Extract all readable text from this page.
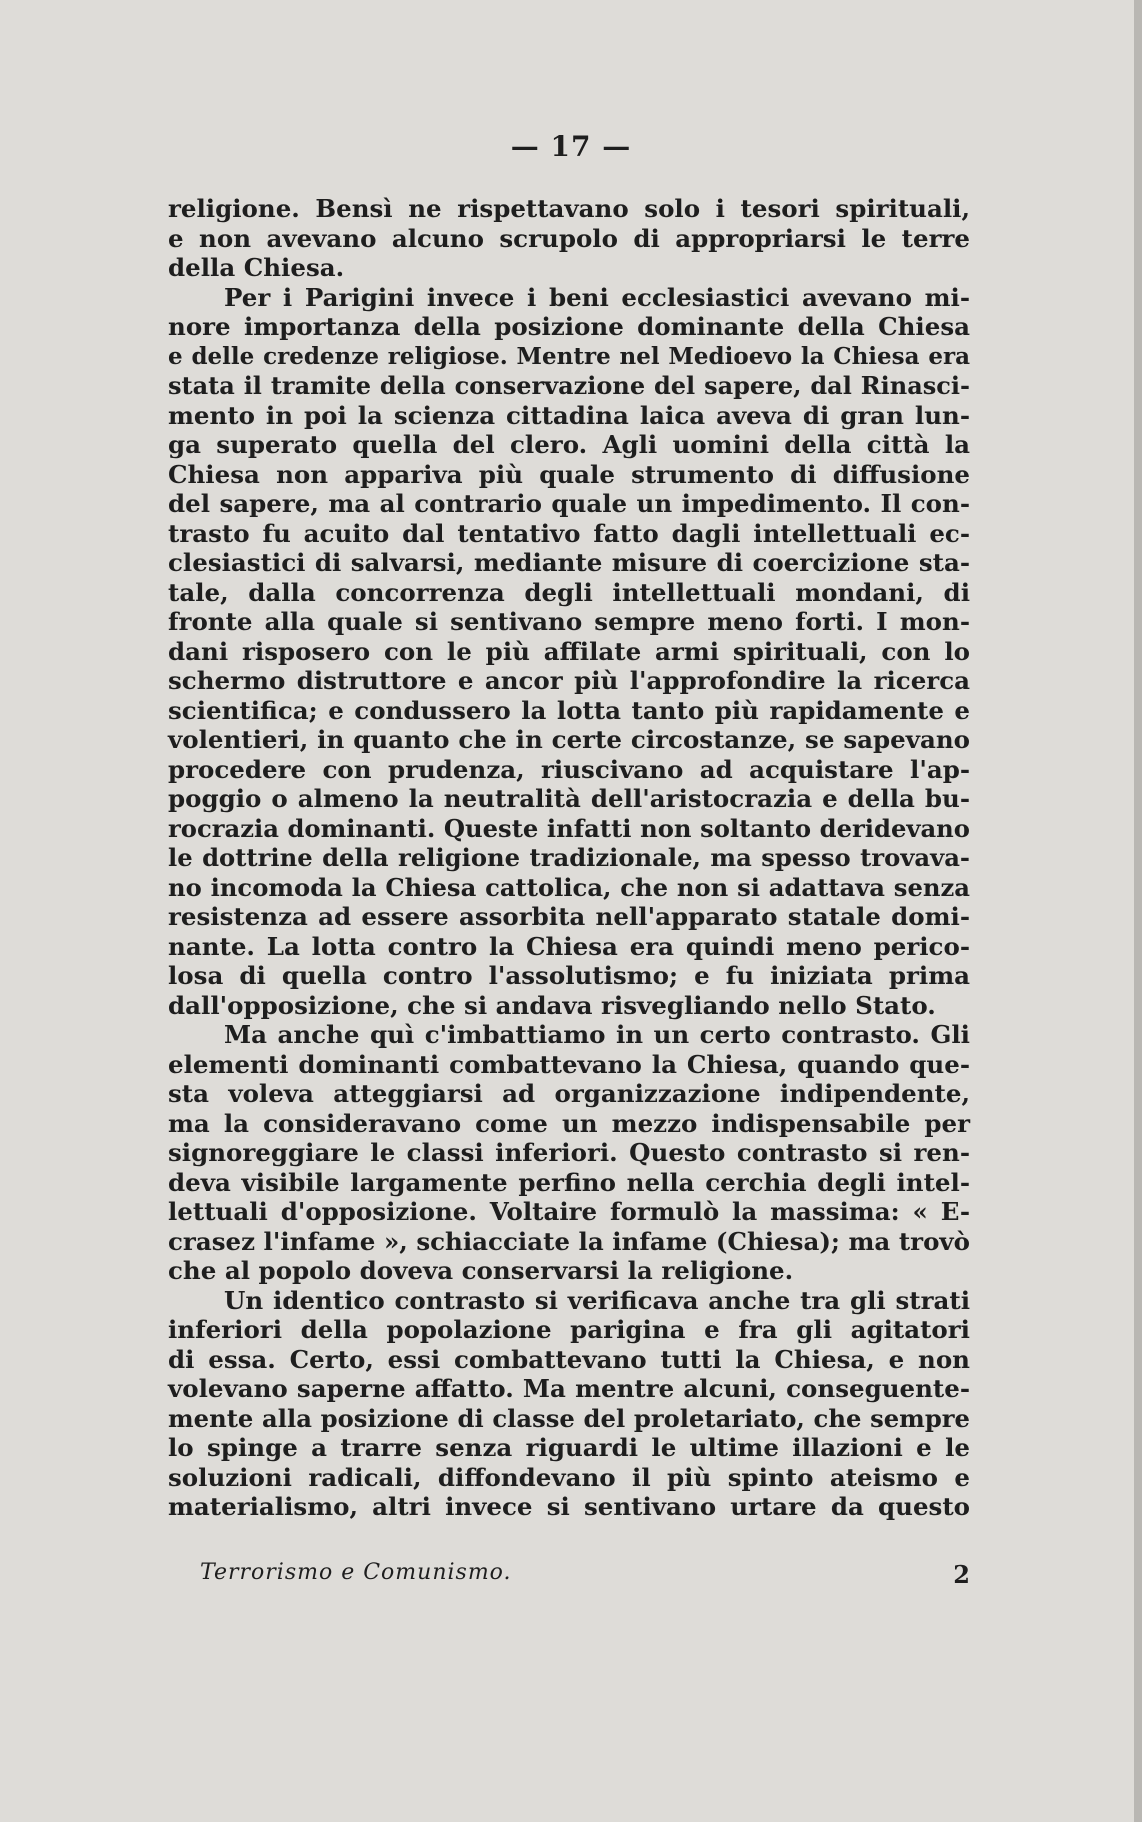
— 17 —
religione. Bensì ne rispettavano solo i tesori spirituali,
e non avevano alcuno scrupolo di appropriarsi le terre
della Chiesa.
Per i Parigini invece i beni ecclesiastici avevano mi-
nore importanza della posizione dominante della Chiesa
e delle credenze religiose. Mentre nel Medioevo la Chiesa era
stata il tramite della conservazione del sapere, dal Rinasci-
mento in poi la scienza cittadina laica aveva di gran lun-
ga superato quella del clero. Agli uomini della città la
Chiesa non appariva più quale strumento di diffusione
del sapere, ma al contrario quale un impedimento. Il con-
trasto fu acuito dal tentativo fatto dagli intellettuali ec-
clesiastici di salvarsi, mediante misure di coercizione sta-
tale, dalla concorrenza degli intellettuali mondani, di
fronte alla quale si sentivano sempre meno forti. I mon-
dani risposero con le più affilate armi spirituali, con lo
schermo distruttore e ancor più l'approfondire la ricerca
scientifica; e condussero la lotta tanto più rapidamente e
volentieri, in quanto che in certe circostanze, se sapevano
procedere con prudenza, riuscivano ad acquistare l'ap-
poggio o almeno la neutralità dell'aristocrazia e della bu-
rocrazia dominanti. Queste infatti non soltanto deridevano
le dottrine della religione tradizionale, ma spesso trovava-
no incomoda la Chiesa cattolica, che non si adattava senza
resistenza ad essere assorbita nell'apparato statale domi-
nante. La lotta contro la Chiesa era quindi meno perico-
losa di quella contro l'assolutismo; e fu iniziata prima
dall'opposizione, che si andava risvegliando nello Stato.
Ma anche quì c'imbattiamo in un certo contrasto. Gli
elementi dominanti combattevano la Chiesa, quando que-
sta voleva atteggiarsi ad organizzazione indipendente,
ma la consideravano come un mezzo indispensabile per
signoreggiare le classi inferiori. Questo contrasto si ren-
deva visibile largamente perfino nella cerchia degli intel-
lettuali d'opposizione. Voltaire formulò la massima: « E-
crasez l'infame », schiacciate la infame (Chiesa); ma trovò
che al popolo doveva conservarsi la religione.
Un identico contrasto si verificava anche tra gli strati
inferiori della popolazione parigina e fra gli agitatori
di essa. Certo, essi combattevano tutti la Chiesa, e non
volevano saperne affatto. Ma mentre alcuni, conseguente-
mente alla posizione di classe del proletariato, che sempre
lo spinge a trarre senza riguardi le ultime illazioni e le
soluzioni radicali, diffondevano il più spinto ateismo e
materialismo, altri invece si sentivano urtare da questo
Terrorismo e Comunismo.	2
